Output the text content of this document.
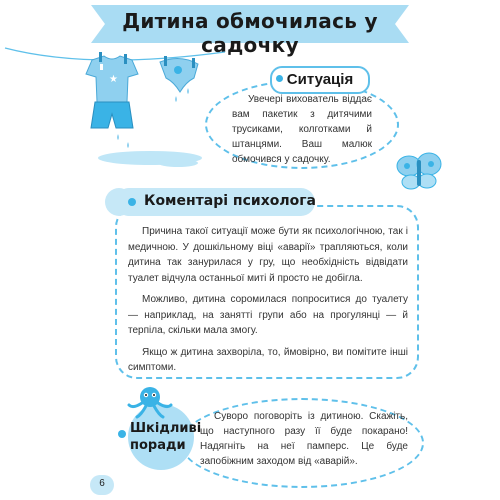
Дитина обмочилась у садочку
★	Ситуація
Увечері вихователь віддає вам пакетик з дитячими трусиками, колготками й штанцями. Ваш малюк обмочився у садочку.
Коментарі психолога

Причина такої ситуації може бути як психологічною, так і медичною. У дошкільному віці «аварії» трапляються, коли дитина так занурилася у гру, що необхідність відвідати туалет відчула останньої миті й просто не добігла.

Можливо, дитина соромилася попроситися до туалету — наприклад, на занятті групи або на прогулянці — й терпіла, скільки мала змогу.

Якщо ж дитина захворіла, то, ймовірно, ви помітите інші симптоми.

Шкідливі поради
Суворо поговоріть із дитиною. Скажіть, що наступного разу її буде покарано! Надягніть на неї памперс. Це буде запобіжним заходом від «аварій».
6
